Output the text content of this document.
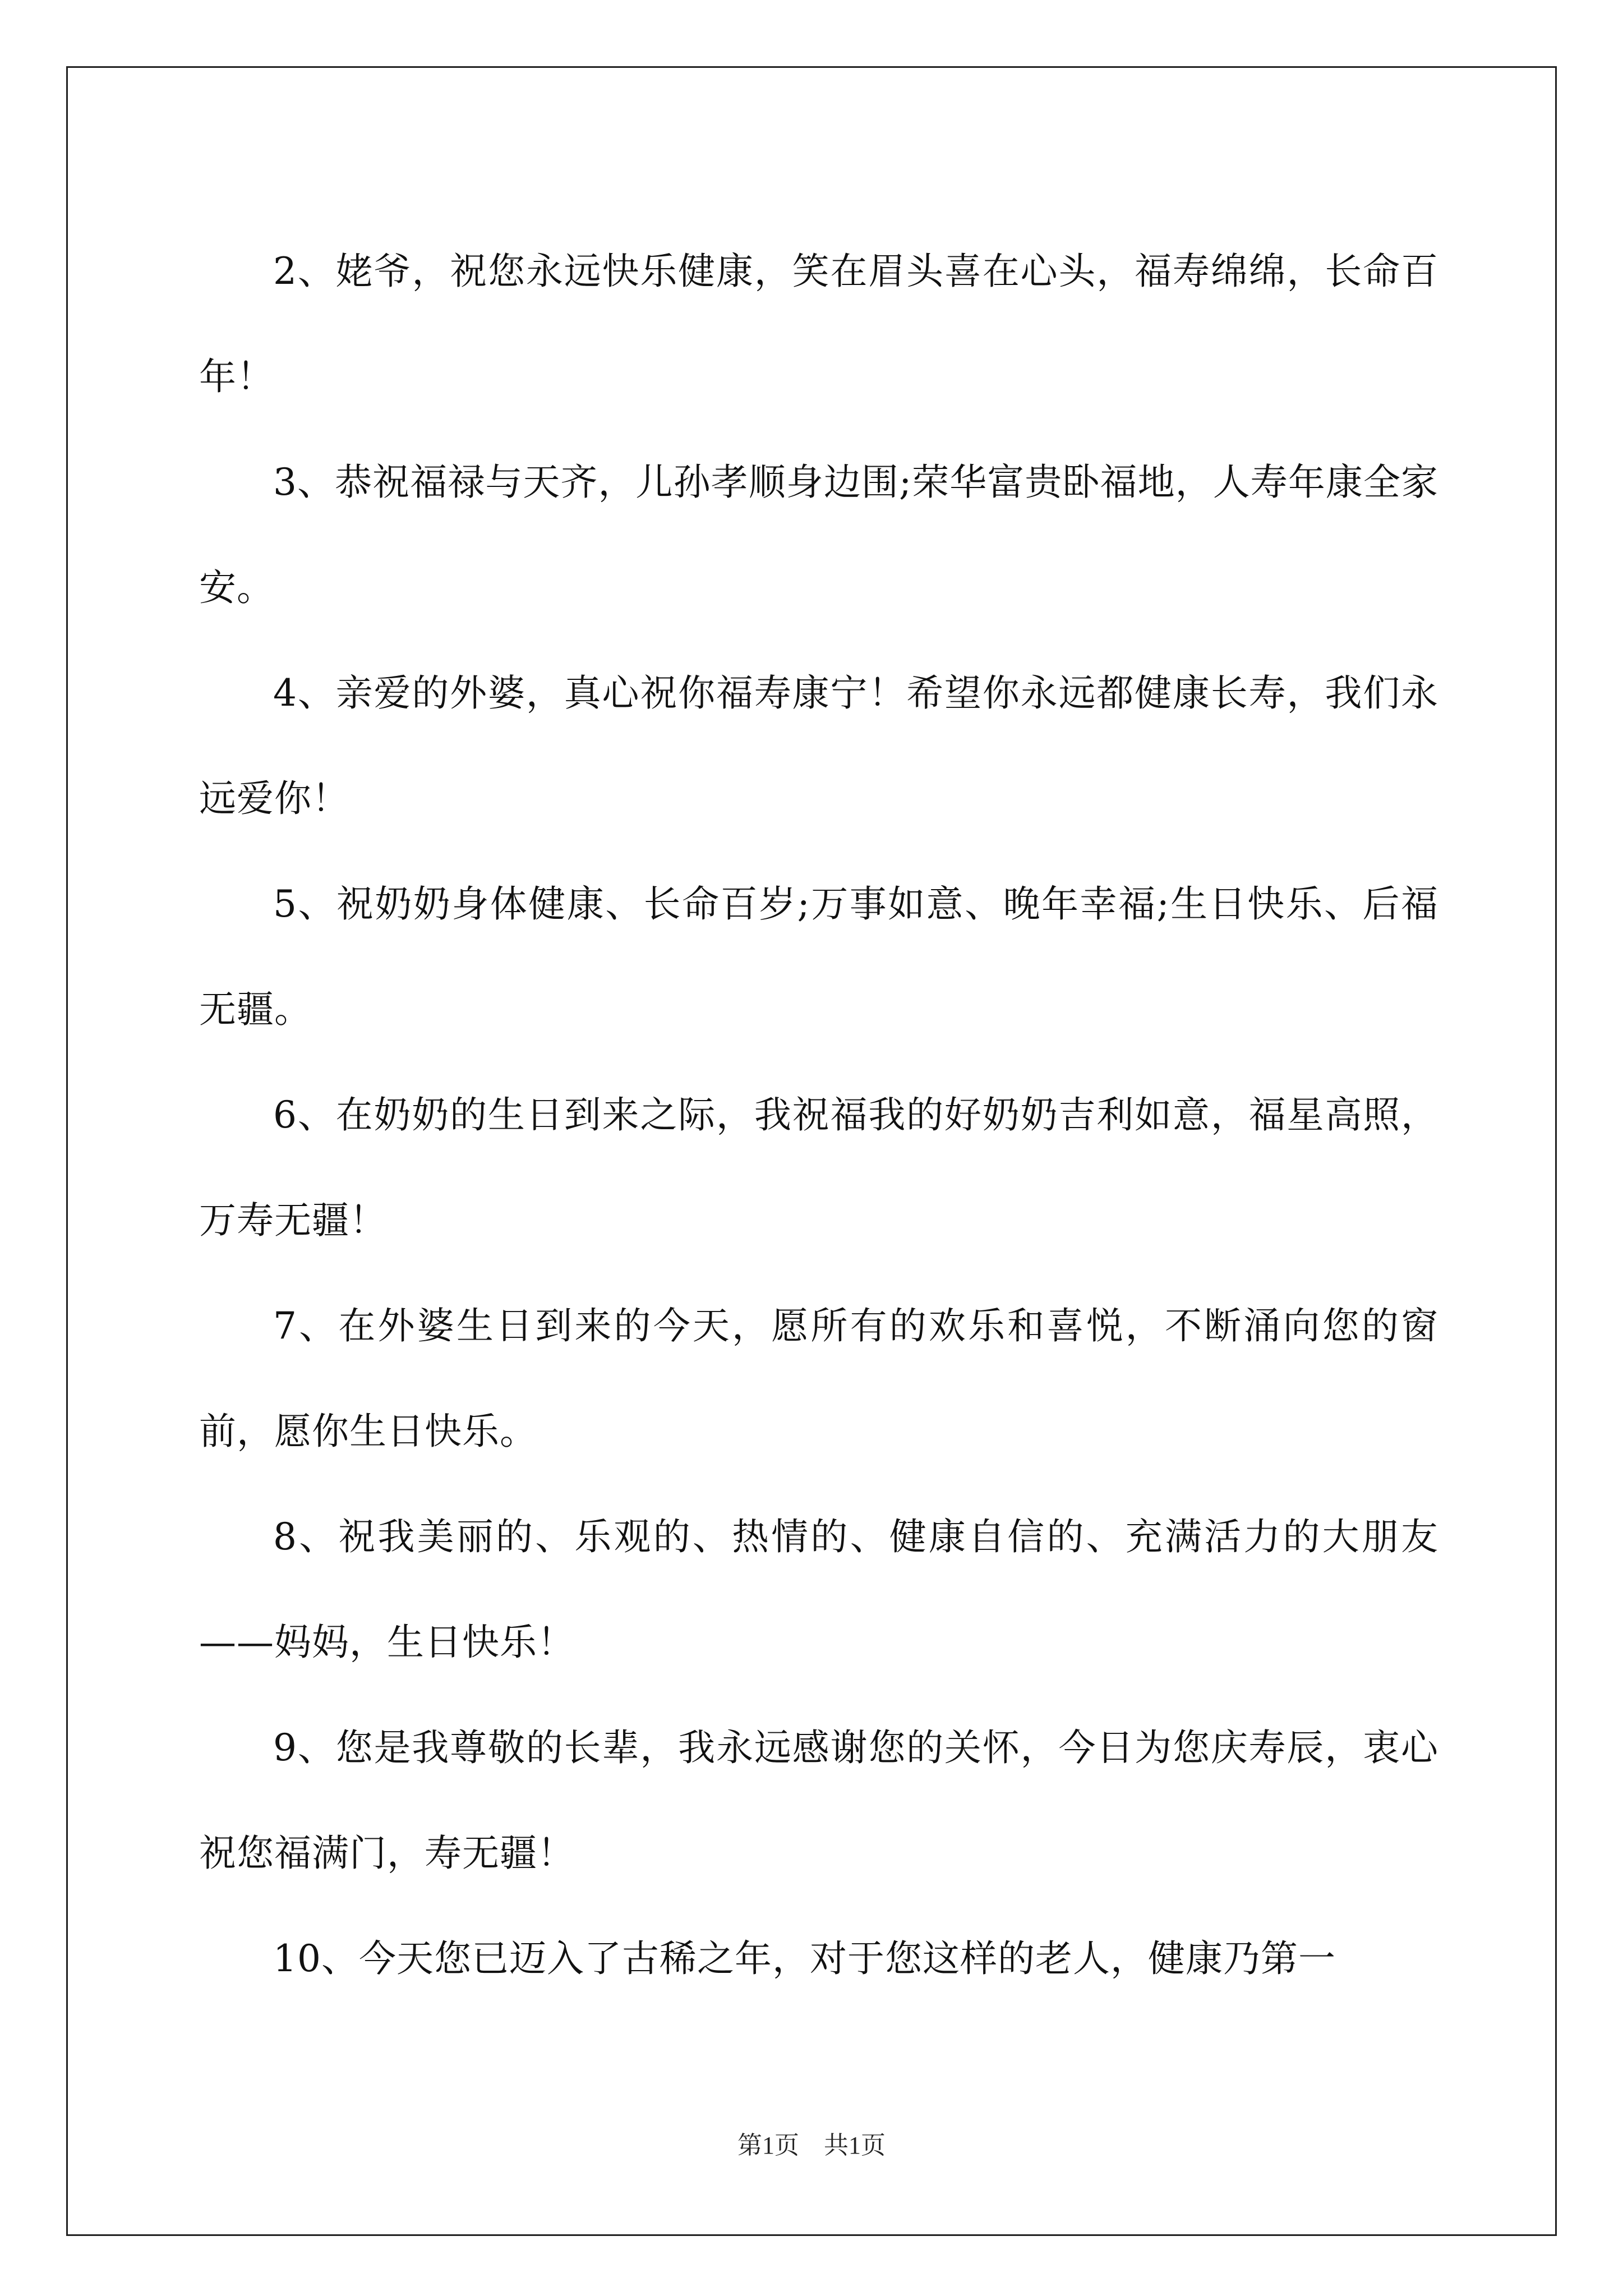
2、姥爷，祝您永远快乐健康，笑在眉头喜在心头，福寿绵绵，长命百年！

3、恭祝福禄与天齐，儿孙孝顺身边围;荣华富贵卧福地，人寿年康全家安。

4、亲爱的外婆，真心祝你福寿康宁！希望你永远都健康长寿，我们永远爱你！

5、祝奶奶身体健康、长命百岁;万事如意、晚年幸福;生日快乐、后福无疆。

6、在奶奶的生日到来之际，我祝福我的好奶奶吉利如意，福星高照，万寿无疆！

7、在外婆生日到来的今天，愿所有的欢乐和喜悦，不断涌向您的窗前，愿你生日快乐。

8、祝我美丽的、乐观的、热情的、健康自信的、充满活力的大朋友——妈妈，生日快乐！

9、您是我尊敬的长辈，我永远感谢您的关怀，今日为您庆寿辰，衷心祝您福满门，寿无疆！

10、今天您已迈入了古稀之年，对于您这样的老人，健康乃第一

第1页　共1页
